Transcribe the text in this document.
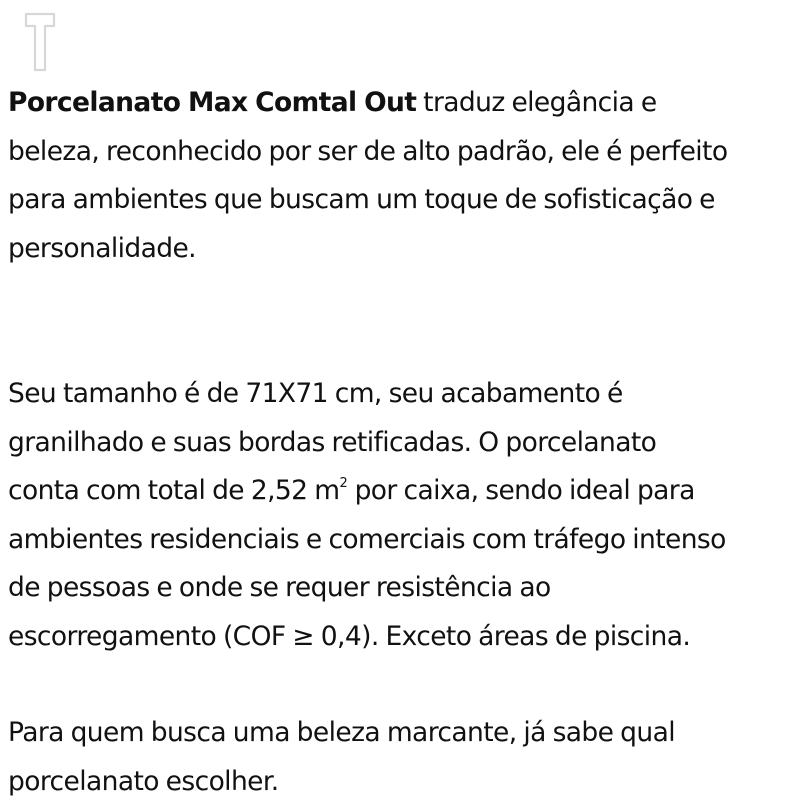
Porcelanato Max Comtal Out traduz elegância e
beleza, reconhecido por ser de alto padrão, ele é perfeito
para ambientes que buscam um toque de sofisticação e
personalidade.

Seu tamanho é de 71X71 cm, seu acabamento é
granilhado e suas bordas retificadas. O porcelanato
conta com total de 2,52 $m^2$ por caixa, sendo ideal para
ambientes residenciais e comerciais com tráfego intenso
de pessoas e onde se requer resistência ao
escorregamento (COF ≥ 0,4). Exceto áreas de piscina.

Para quem busca uma beleza marcante, já sabe qual
porcelanato escolher.
